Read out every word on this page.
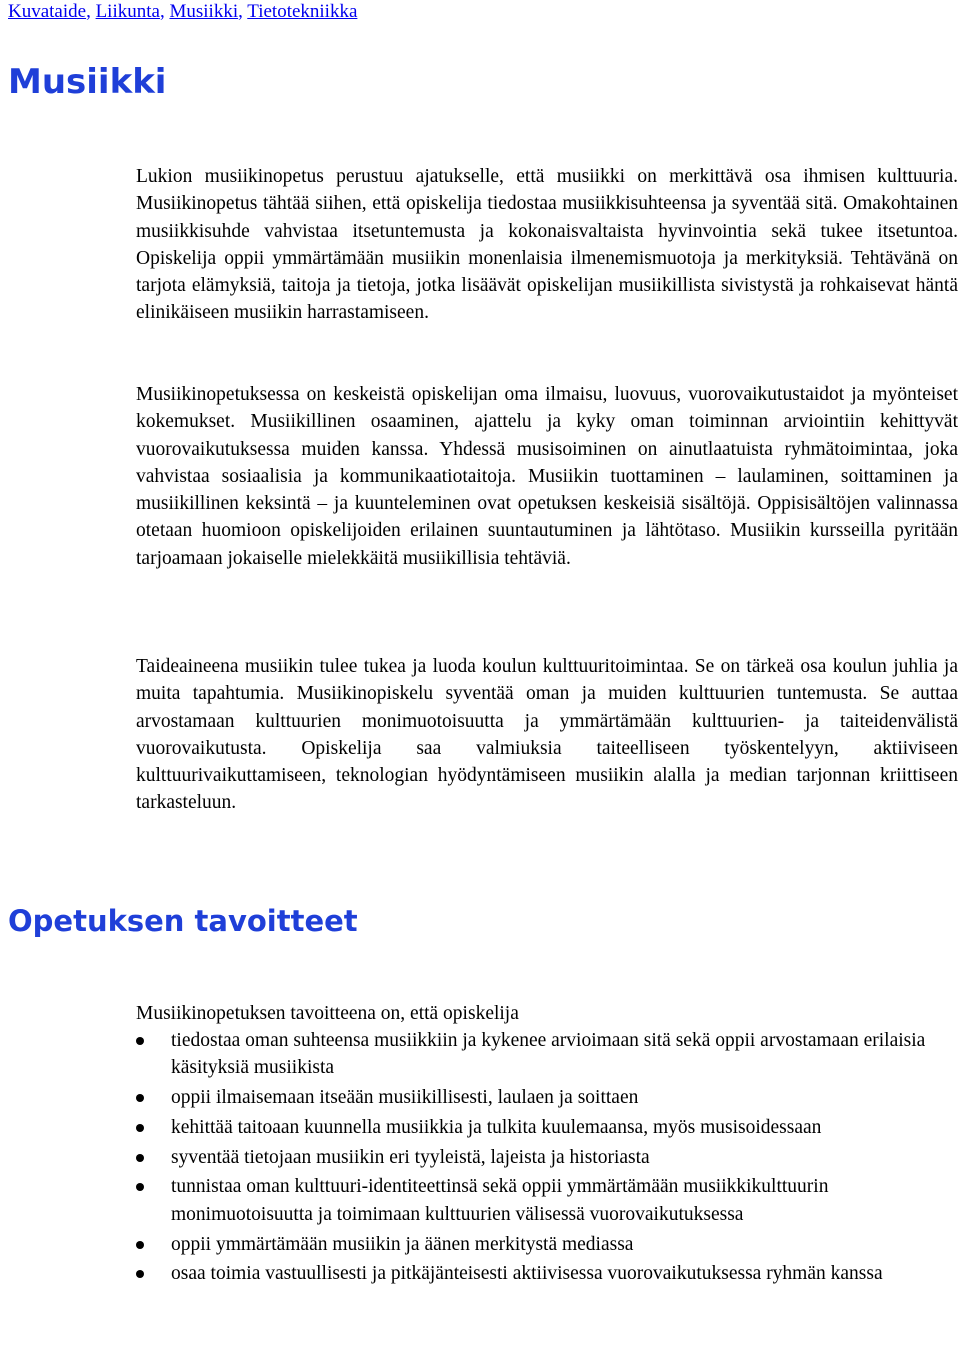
Kuvataide, Liikunta, Musiikki, Tietotekniikka
Musiikki

Lukion musiikinopetus perustuu ajatukselle, että musiikki on merkittävä osa ihmisen kulttuuria. Musiikinopetus tähtää siihen, että opiskelija tiedostaa musiikkisuhteensa ja syventää sitä. Omakohtainen musiikkisuhde vahvistaa itsetuntemusta ja kokonaisvaltaista hyvinvointia sekä tukee itsetuntoa. Opiskelija oppii ymmärtämään musiikin monenlaisia ilmenemismuotoja ja merkityksiä. Tehtävänä on tarjota elämyksiä, taitoja ja tietoja, jotka lisäävät opiskelijan musiikillista sivistystä ja rohkaisevat häntä elinikäiseen musiikin harrastamiseen.

Musiikinopetuksessa on keskeistä opiskelijan oma ilmaisu, luovuus, vuorovaikutustaidot ja myönteiset kokemukset. Musiikillinen osaaminen, ajattelu ja kyky oman toiminnan arviointiin kehittyvät vuorovaikutuksessa muiden kanssa. Yhdessä musisoiminen on ainutlaatuista ryhmätoimintaa, joka vahvistaa sosiaalisia ja kommunikaatiotaitoja. Musiikin tuottaminen – laulaminen, soittaminen ja musiikillinen keksintä – ja kuunteleminen ovat opetuksen keskeisiä sisältöjä. Oppisisältöjen valinnassa otetaan huomioon opiskelijoiden erilainen suuntautuminen ja lähtötaso. Musiikin kursseilla pyritään tarjoamaan jokaiselle mielekkäitä musiikillisia tehtäviä.

Taideaineena musiikin tulee tukea ja luoda koulun kulttuuritoimintaa. Se on tärkeä osa koulun juhlia ja muita tapahtumia. Musiikinopiskelu syventää oman ja muiden kulttuurien tuntemusta. Se auttaa arvostamaan kulttuurien monimuotoisuutta ja ymmärtämään kulttuurien- ja taiteidenvälistä vuorovaikutusta. Opiskelija saa valmiuksia taiteelliseen työskentelyyn, aktiiviseen kulttuurivaikuttamiseen, teknologian hyödyntämiseen musiikin alalla ja median tarjonnan kriittiseen tarkasteluun.

Opetuksen tavoitteet

Musiikinopetuksen tavoitteena on, että opiskelija

tiedostaa oman suhteensa musiikkiin ja kykenee arvioimaan sitä sekä oppii arvostamaan erilaisia käsityksiä musiikista
oppii ilmaisemaan itseään musiikillisesti, laulaen ja soittaen
kehittää taitoaan kuunnella musiikkia ja tulkita kuulemaansa, myös musisoidessaan
syventää tietojaan musiikin eri tyyleistä, lajeista ja historiasta
tunnistaa oman kulttuuri-identiteettinsä sekä oppii ymmärtämään musiikkikulttuurin monimuotoisuutta ja toimimaan kulttuurien välisessä vuorovaikutuksessa
oppii ymmärtämään musiikin ja äänen merkitystä mediassa
osaa toimia vastuullisesti ja pitkäjänteisesti aktiivisessa vuorovaikutuksessa ryhmän kanssa
